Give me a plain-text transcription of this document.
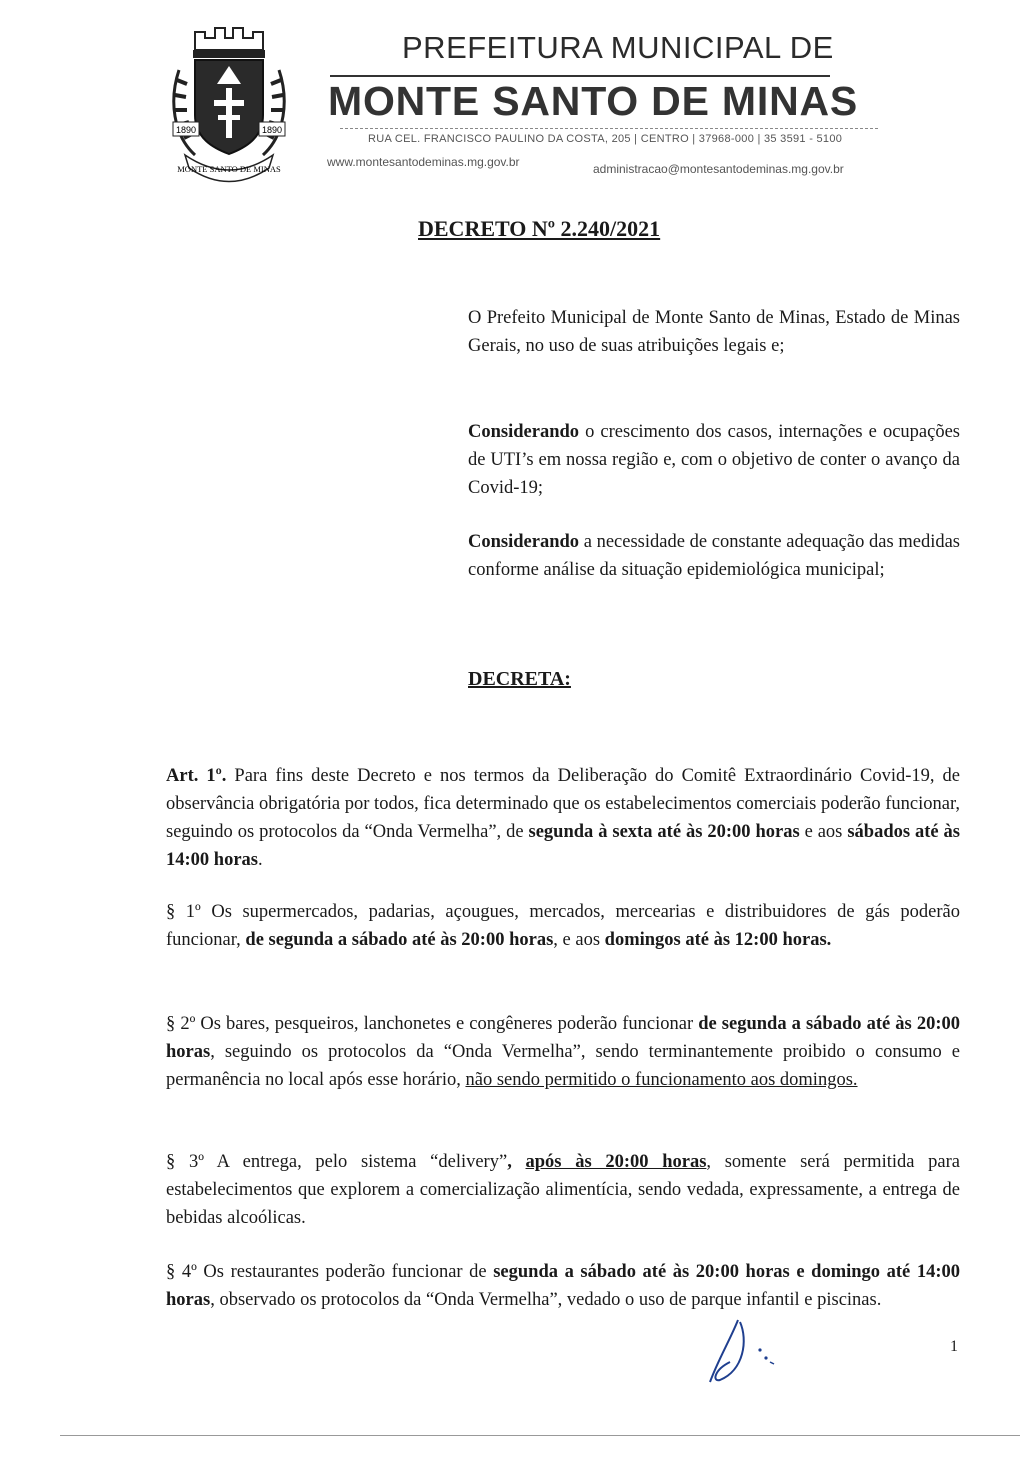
1890	1890
MONTE SANTO DE MINAS
PREFEITURA MUNICIPAL DE
MONTE SANTO DE MINAS
RUA CEL. FRANCISCO PAULINO DA COSTA, 205 | CENTRO | 37968-000 | 35 3591 - 5100
www.montesantodeminas.mg.gov.br	administracao@montesantodeminas.mg.gov.br
DECRETO Nº 2.240/2021
O Prefeito Municipal de Monte Santo de Minas, Estado de Minas Gerais, no uso de suas atribuições legais e;
Considerando o crescimento dos casos, internações e ocupações de UTI’s em nossa região e, com o objetivo de conter o avanço da Covid-19;
Considerando a necessidade de constante adequação das medidas conforme análise da situação epidemiológica municipal;
DECRETA:
Art. 1º. Para fins deste Decreto e nos termos da Deliberação do Comitê Extraordinário Covid-19, de observância obrigatória por todos, fica determinado que os estabelecimentos comerciais poderão funcionar, seguindo os protocolos da “Onda Vermelha”, de segunda à sexta até às 20:00 horas e aos sábados até às 14:00 horas.
§ 1º Os supermercados, padarias, açougues, mercados, mercearias e distribuidores de gás poderão funcionar, de segunda a sábado até às 20:00 horas, e aos domingos até às 12:00 horas.
§ 2º Os bares, pesqueiros, lanchonetes e congêneres poderão funcionar de segunda a sábado até às 20:00 horas, seguindo os protocolos da “Onda Vermelha”, sendo terminantemente proibido o consumo e permanência no local após esse horário, não sendo permitido o funcionamento aos domingos.
§ 3º A entrega, pelo sistema “delivery”, após às 20:00 horas, somente será permitida para estabelecimentos que explorem a comercialização alimentícia, sendo vedada, expressamente, a entrega de bebidas alcoólicas.
§ 4º Os restaurantes poderão funcionar de segunda a sábado até às 20:00 horas e domingo até 14:00 horas, observado os protocolos da “Onda Vermelha”, vedado o uso de parque infantil e piscinas.
1
